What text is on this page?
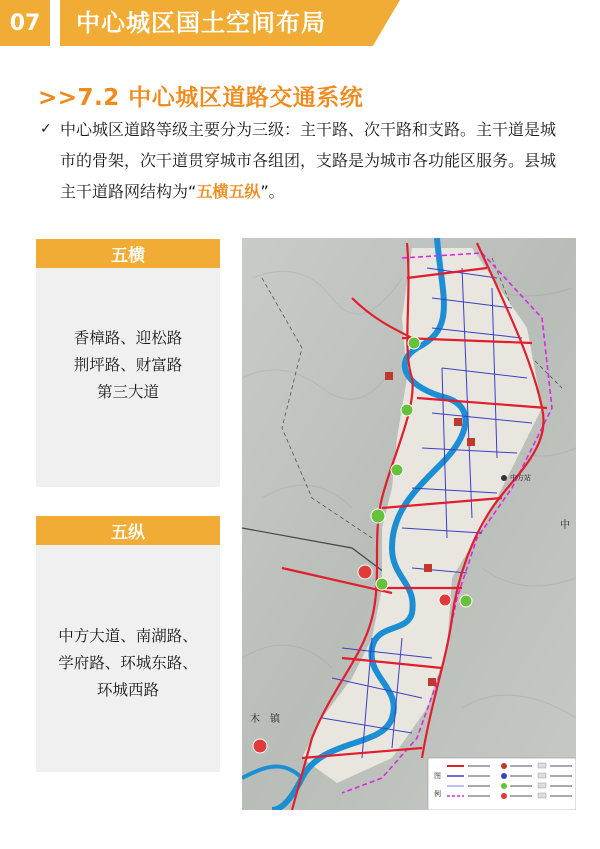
07	中心城区国土空间布局
>>7.2 中心城区道路交通系统
✓ 中心城区道路等级主要分为三级：主干路、次干路和支路。主干道是城市的骨架，次干道贯穿城市各组团，支路是为城市各功能区服务。县城主干道路网结构为“五横五纵”。

五横
香樟路、迎松路
荆坪路、财富路
第三大道
五纵
中方大道、南湖路、
学府路、环城东路、
环城西路
中方站
中
木 镇
图
例
